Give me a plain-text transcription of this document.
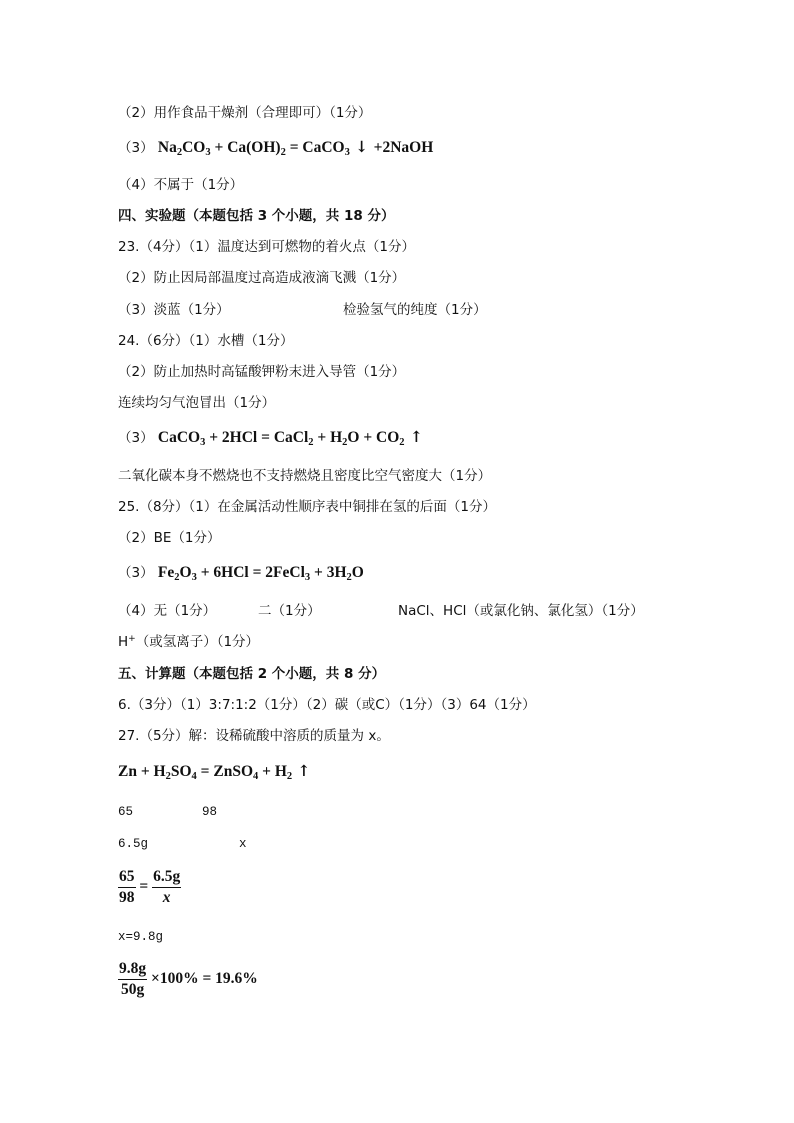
（2）用作食品干燥剂（合理即可）（1分）
（3） $Na_2CO_3 + Ca(OH)_2$ = CaCO$_3$ ↓ +2NaOH
（4）不属于（1分）
四、实验题（本题包括 3 个小题，共 18 分）
23.（4分）（1）温度达到可燃物的着火点（1分）
（2）防止因局部温度过高造成液滴飞溅（1分）
（3）淡蓝（1分）	检验氢气的纯度（1分）
24.（6分）（1）水槽（1分）
（2）防止加热时高锰酸钾粉末进入导管（1分）
连续均匀气泡冒出（1分）
（3） CaCO$_3$ + 2HCl = CaCl$_2$ + $H_2O + CO_2$ ↑
二氧化碳本身不燃烧也不支持燃烧且密度比空气密度大（1分）
25.（8分）（1）在金属活动性顺序表中铜排在氢的后面（1分）
（2）BE（1分）
（3） $Fe_2O_3 + 6HCl$ = 2FeCl$_3$ + $3H_2O$
（4）无（1分）	二（1分）	NaCl、HCl（或氯化钠、氯化氢）（1分）
H+（或氢离子）（1分）
五、计算题（本题包括 2 个小题，共 8 分）
6.（3分）（1）3:7:1:2（1分）（2）碳（或C）（1分）（3）64（1分）
27.（5分）解：设稀硫酸中溶质的质量为 x。
$Zn + H_2SO_4$ = ZnSO$_4$ + $H_2$ ↑
65	98
6.5g	x
$\frac{65}{98} = \frac{6.5g}{x}$
x=9.8g
$\frac{9.8g}{50g} \times 100\% = 19.6\%$
